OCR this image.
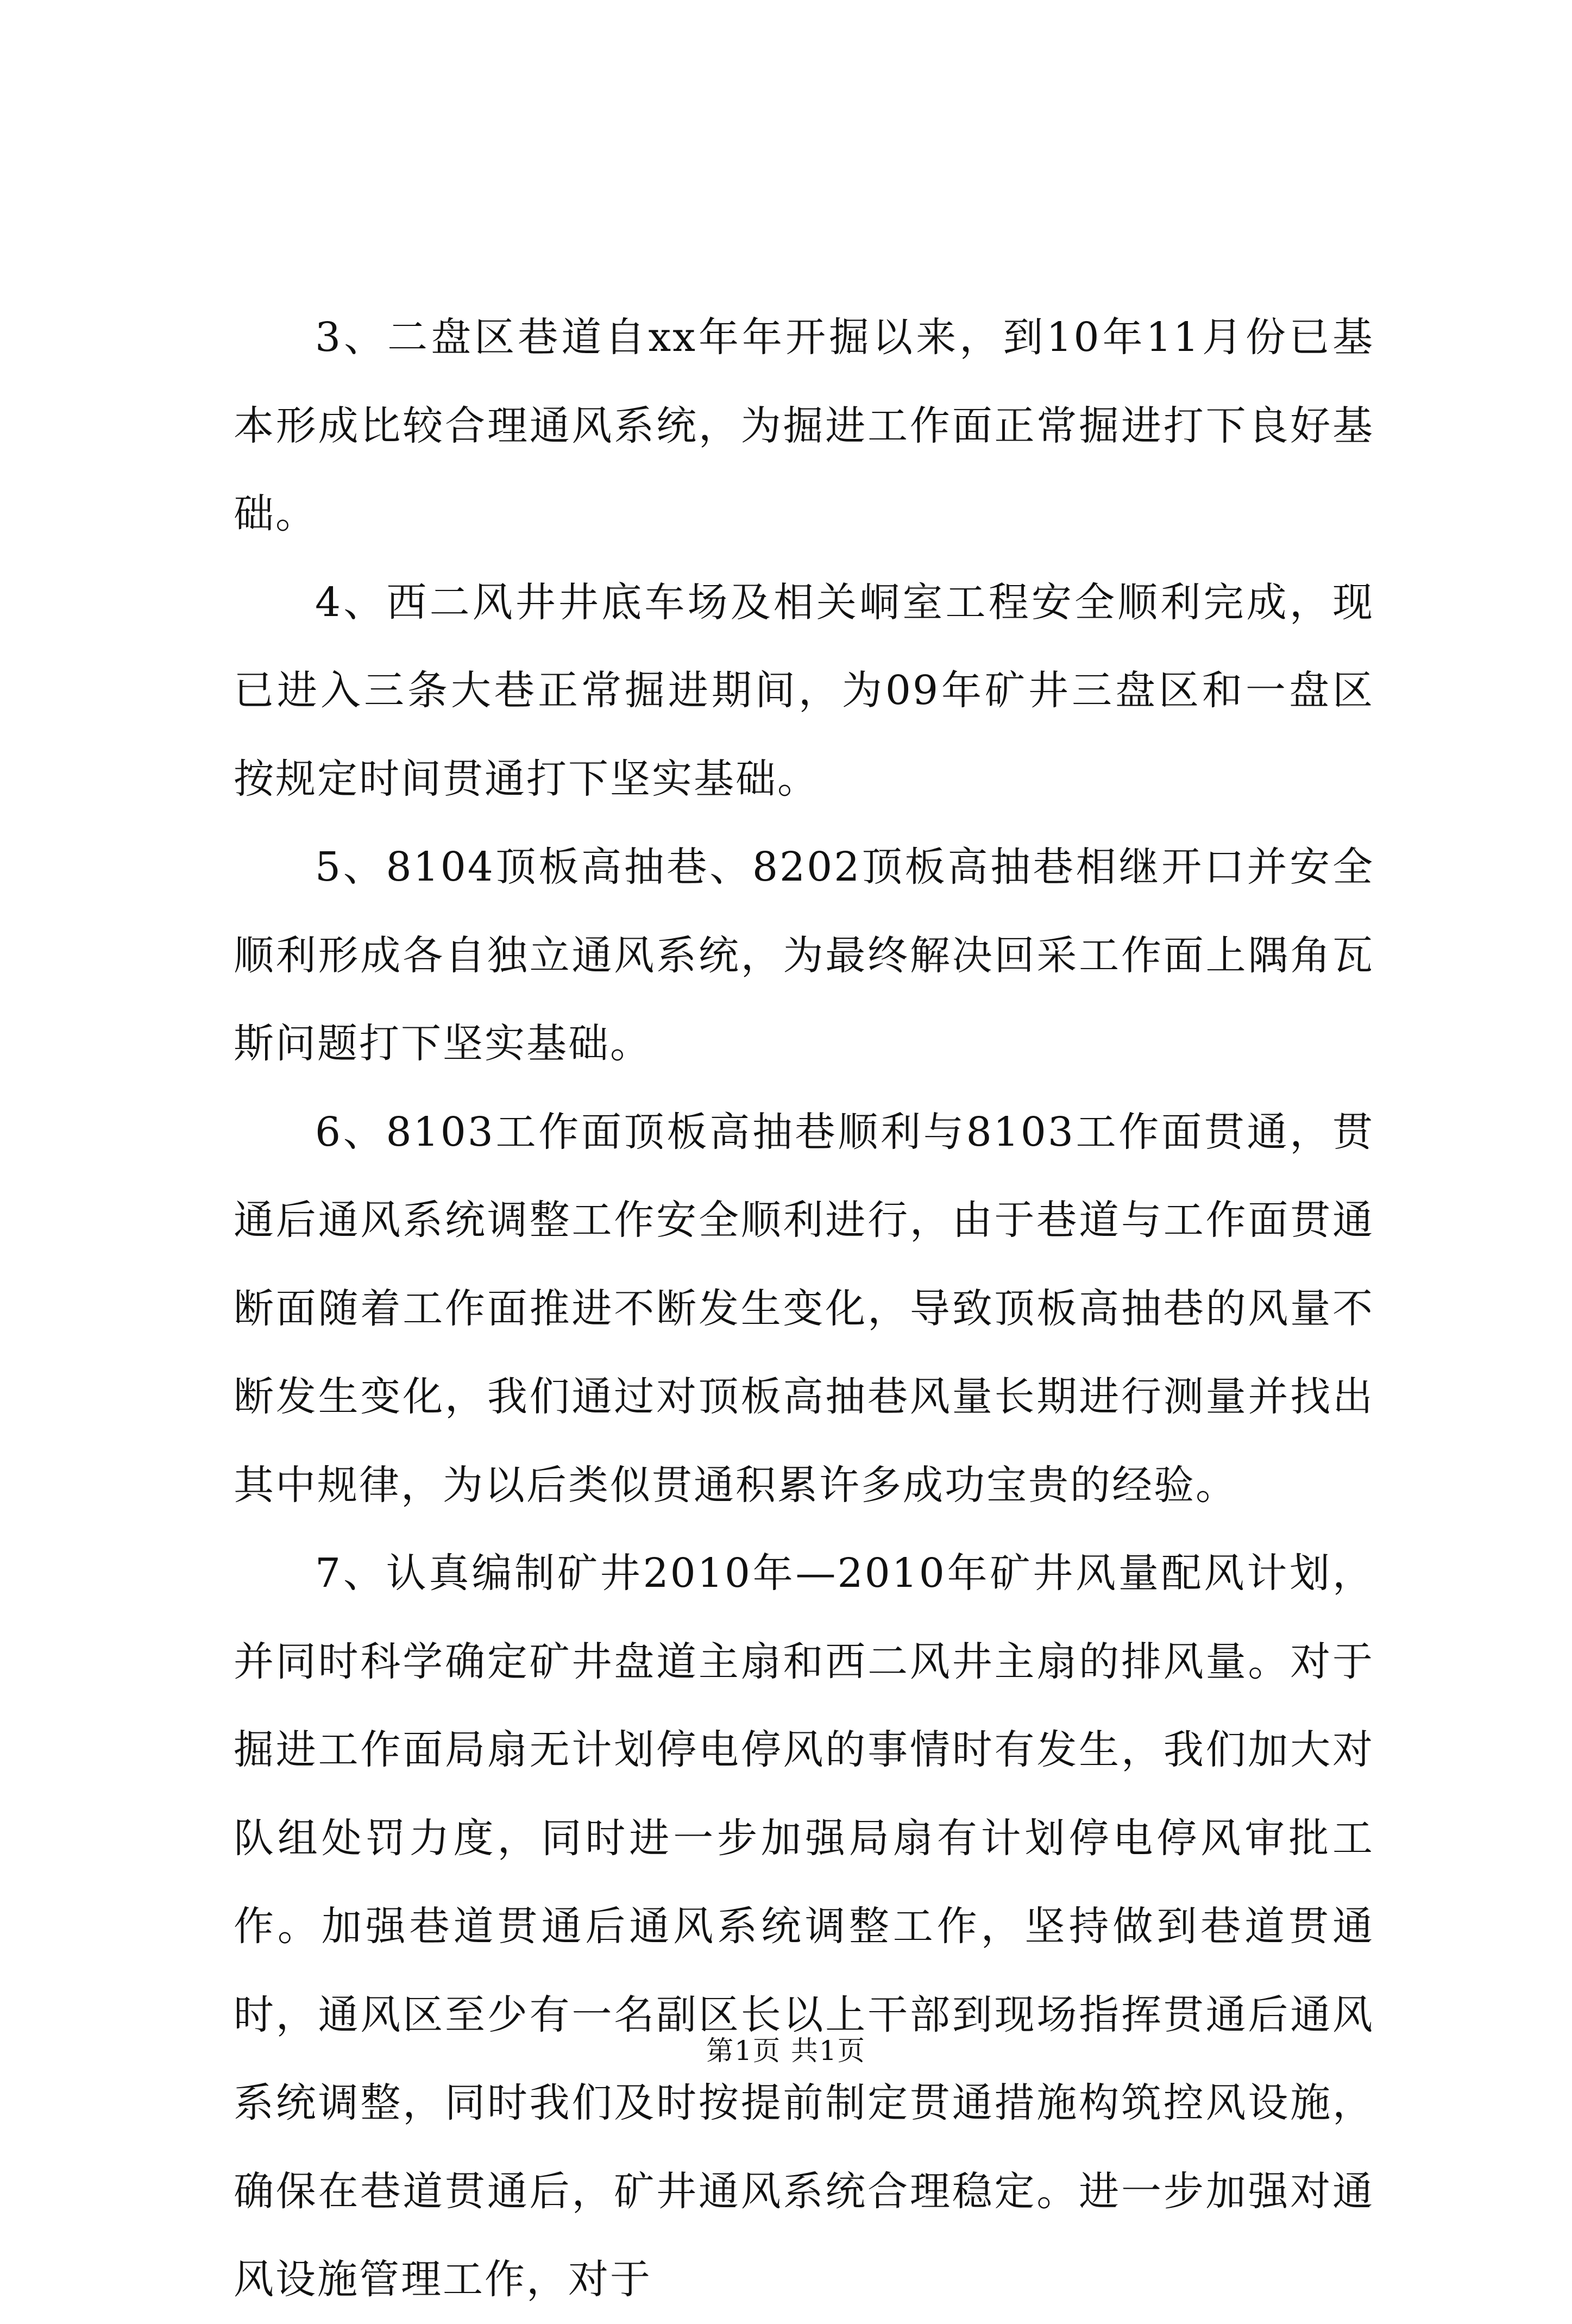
3、二盘区巷道自xx年年开掘以来，到10年11月份已基本形成比较合理通风系统，为掘进工作面正常掘进打下良好基础。

4、西二风井井底车场及相关峒室工程安全顺利完成，现已进入三条大巷正常掘进期间，为09年矿井三盘区和一盘区按规定时间贯通打下坚实基础。

5、8104顶板高抽巷、8202顶板高抽巷相继开口并安全顺利形成各自独立通风系统，为最终解决回采工作面上隅角瓦斯问题打下坚实基础。

6、8103工作面顶板高抽巷顺利与8103工作面贯通，贯通后通风系统调整工作安全顺利进行，由于巷道与工作面贯通断面随着工作面推进不断发生变化，导致顶板高抽巷的风量不断发生变化，我们通过对顶板高抽巷风量长期进行测量并找出其中规律，为以后类似贯通积累许多成功宝贵的经验。

7、认真编制矿井2010年—2010年矿井风量配风计划，并同时科学确定矿井盘道主扇和西二风井主扇的排风量。对于掘进工作面局扇无计划停电停风的事情时有发生，我们加大对队组处罚力度，同时进一步加强局扇有计划停电停风审批工作。加强巷道贯通后通风系统调整工作，坚持做到巷道贯通时，通风区至少有一名副区长以上干部到现场指挥贯通后通风系统调整，同时我们及时按提前制定贯通措施构筑控风设施，确保在巷道贯通后，矿井通风系统合理稳定。进一步加强对通风设施管理工作，对于

第1页 共1页
